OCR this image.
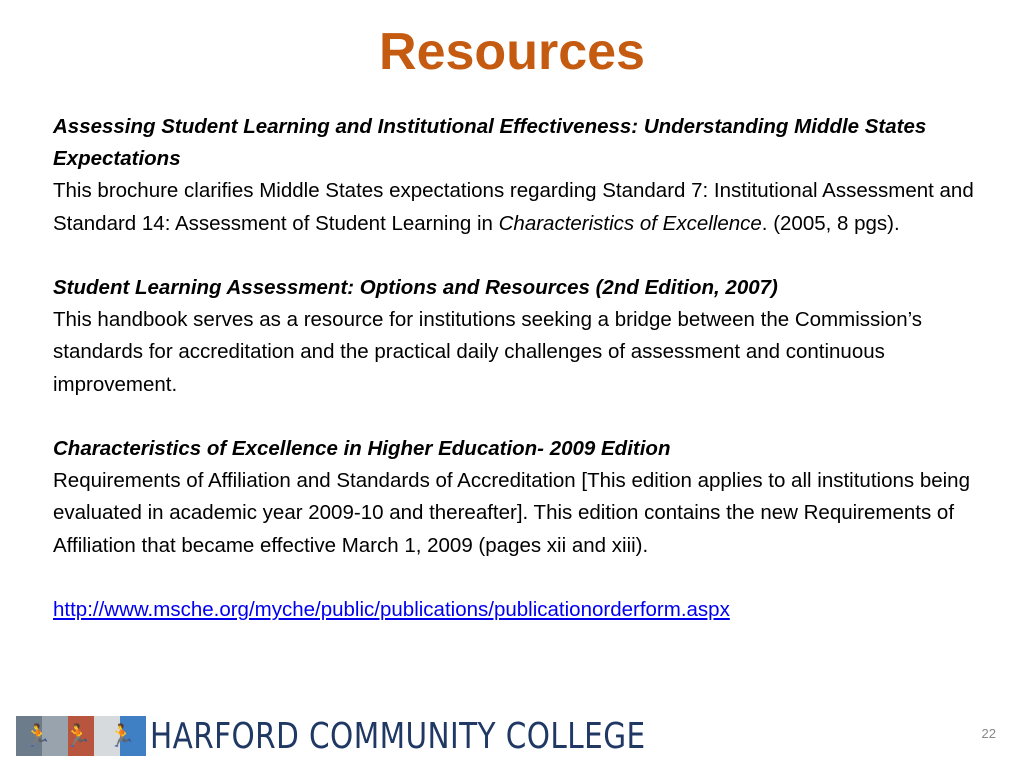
Resources
Assessing Student Learning and Institutional Effectiveness: Understanding Middle States Expectations
This brochure clarifies Middle States expectations regarding Standard 7: Institutional Assessment and Standard 14: Assessment of Student Learning in Characteristics of Excellence. (2005, 8 pgs).
Student Learning Assessment: Options and Resources (2nd Edition, 2007)
This handbook serves as a resource for institutions seeking a bridge between the Commission’s standards for accreditation and the practical daily challenges of assessment and continuous improvement.
Characteristics of Excellence in Higher Education- 2009 Edition
Requirements of Affiliation and Standards of Accreditation [This edition applies to all institutions being evaluated in academic year 2009-10 and thereafter]. This edition contains the new Requirements of Affiliation that became effective March 1, 2009 (pages xii and xiii).
http://www.msche.org/myche/public/publications/publicationorderform.aspx
🏃 🏃 🏃 HARFORD COMMUNITY COLLEGE	22
